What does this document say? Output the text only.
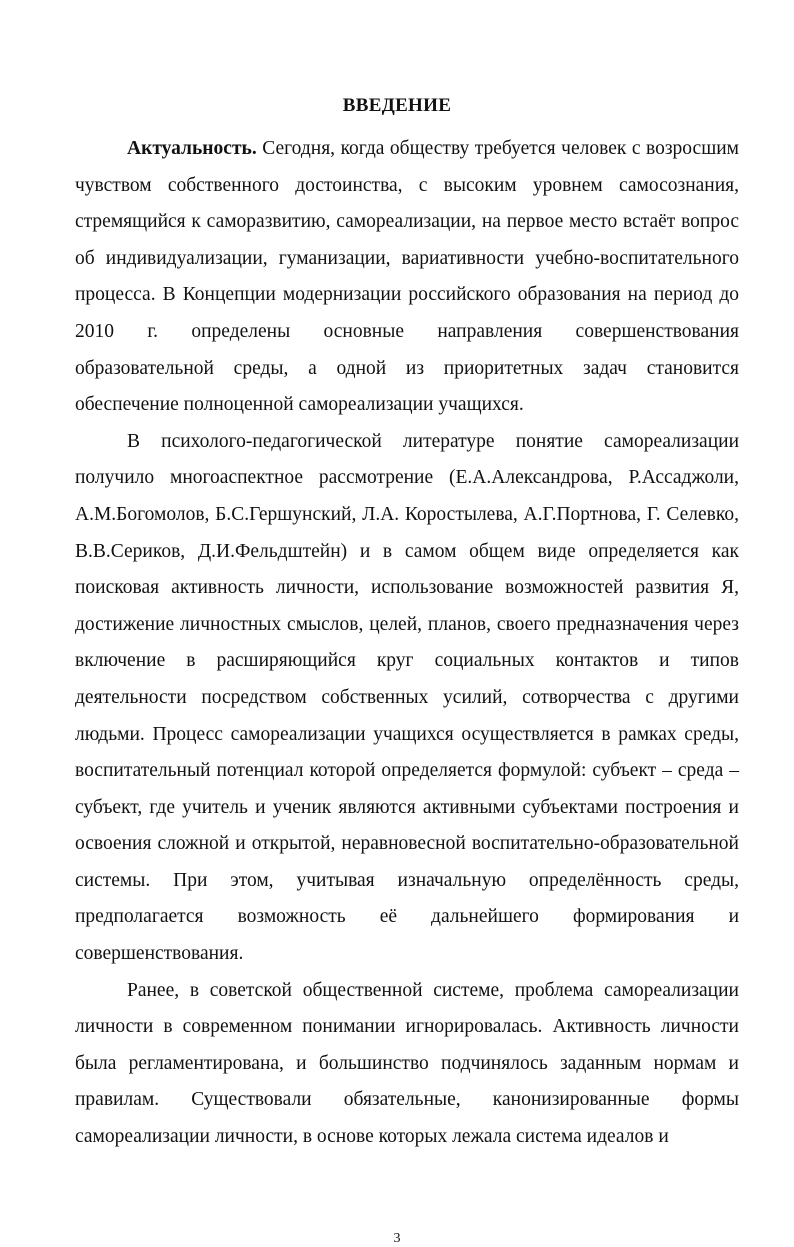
ВВЕДЕНИЕ

Актуальность. Сегодня, когда обществу требуется человек с возросшим чувством собственного достоинства, с высоким уровнем самосознания, стремящийся к саморазвитию, самореализации, на первое место встаёт вопрос об индивидуализации, гуманизации, вариативности учебно-воспитательного процесса. В Концепции модернизации российского образования на период до 2010 г. определены основные направления совершенствования образовательной среды, а одной из приоритетных задач становится обеспечение полноценной самореализации учащихся.

В психолого-педагогической литературе понятие самореализации получило многоаспектное рассмотрение (Е.А.Александрова, Р.Ассаджоли, А.М.Богомолов, Б.С.Гершунский, Л.А. Коростылева, А.Г.Портнова, Г. Селевко, В.В.Сериков, Д.И.Фельдштейн) и в самом общем виде определяется как поисковая активность личности, использование возможностей развития Я, достижение личностных смыслов, целей, планов, своего предназначения через включение в расширяющийся круг социальных контактов и типов деятельности посредством собственных усилий, сотворчества с другими людьми. Процесс самореализации учащихся осуществляется в рамках среды, воспитательный потенциал которой определяется формулой: субъект – среда – субъект, где учитель и ученик являются активными субъектами построения и освоения сложной и открытой, неравновесной воспитательно-образовательной системы. При этом, учитывая изначальную определённость среды, предполагается возможность её дальнейшего формирования и совершенствования.

Ранее, в советской общественной системе, проблема самореализации личности в современном понимании игнорировалась. Активность личности была регламентирована, и большинство подчинялось заданным нормам и правилам. Существовали обязательные, канонизированные формы самореализации личности, в основе которых лежала система идеалов и

3
